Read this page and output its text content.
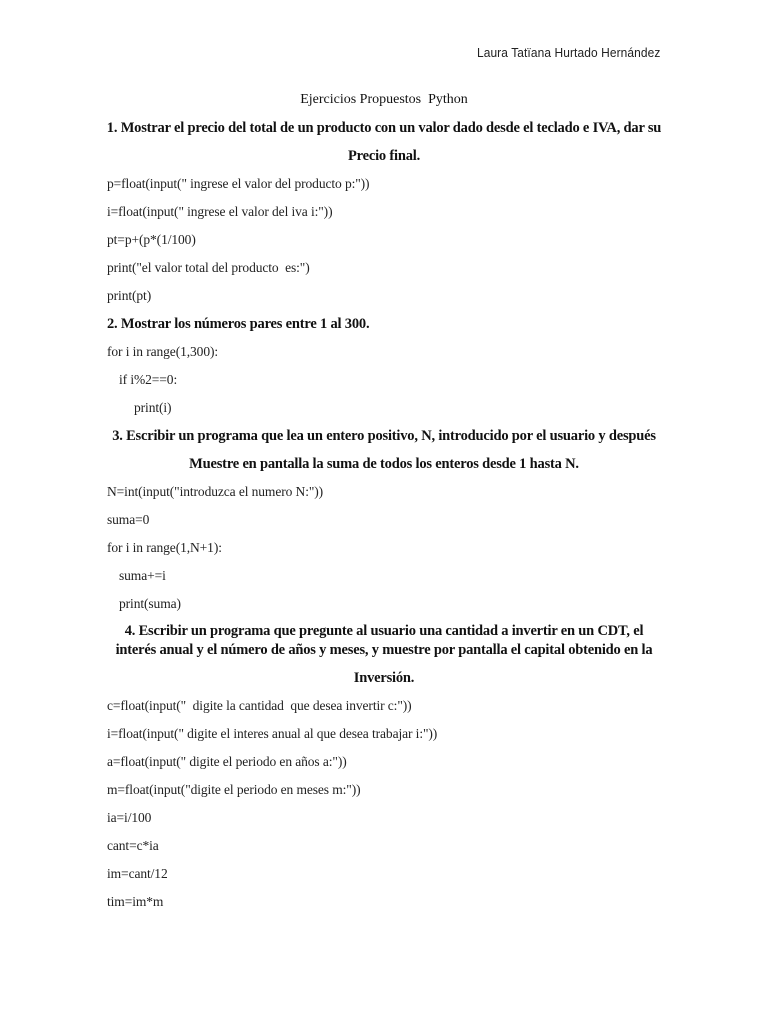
Laura Tatïana Hurtado Hernández
Ejercicios Propuestos  Python
1. Mostrar el precio del total de un producto con un valor dado desde el teclado e IVA, dar su
Precio final.
p=float(input(" ingrese el valor del producto p:"))
i=float(input(" ingrese el valor del iva i:"))
pt=p+(p*(1/100)
print("el valor total del producto  es:")
print(pt)
2. Mostrar los números pares entre 1 al 300.
for i in range(1,300):
if i%2==0:
print(i)
3. Escribir un programa que lea un entero positivo, N, introducido por el usuario y después
Muestre en pantalla la suma de todos los enteros desde 1 hasta N.
N=int(input("introduzca el numero N:"))
suma=0
for i in range(1,N+1):
suma+=i
print(suma)
4. Escribir un programa que pregunte al usuario una cantidad a invertir en un CDT, el
interés anual y el número de años y meses, y muestre por pantalla el capital obtenido en la
Inversión.
c=float(input("  digite la cantidad  que desea invertir c:"))
i=float(input(" digite el interes anual al que desea trabajar i:"))
a=float(input(" digite el periodo en años a:"))
m=float(input("digite el periodo en meses m:"))
ia=i/100
cant=c*ia
im=cant/12
tim=im*m
